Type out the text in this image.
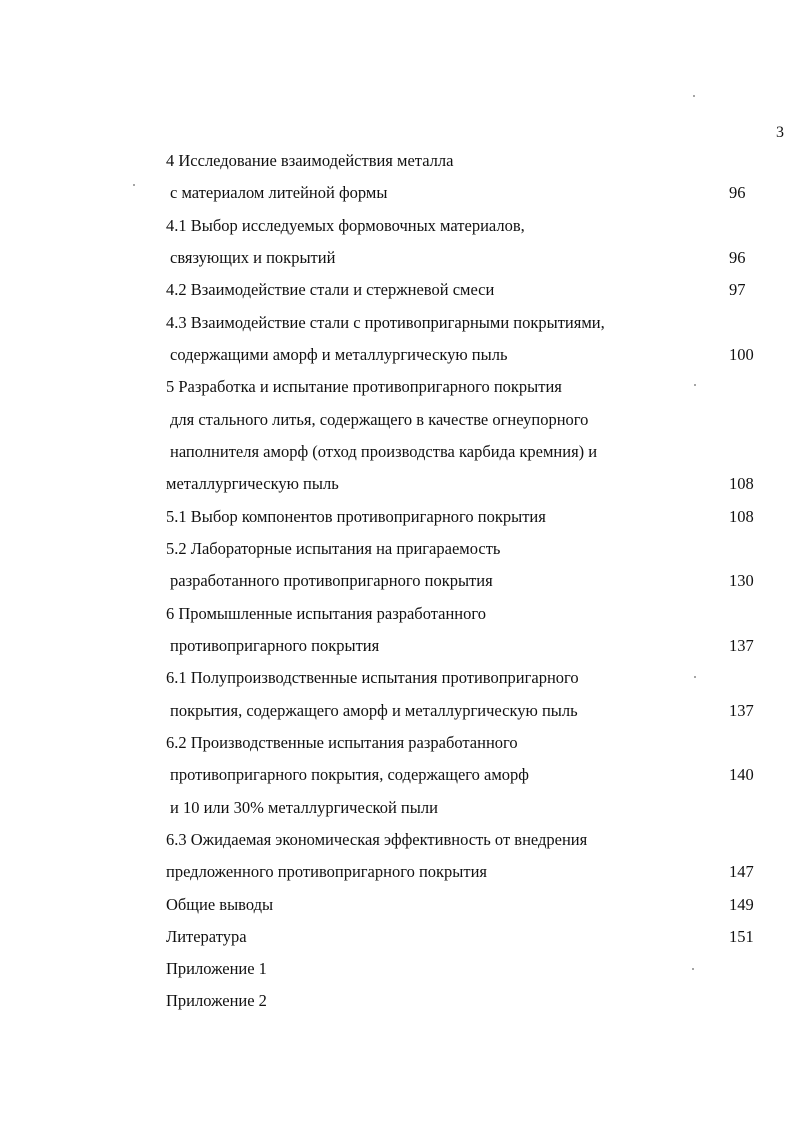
3
4 Исследование взаимодействия металла
с материалом литейной формы	96
4.1 Выбор исследуемых формовочных материалов,
связующих и покрытий	96
4.2 Взаимодействие стали и стержневой смеси	97
4.3 Взаимодействие стали с противопригарными покрытиями,
содержащими аморф и металлургическую пыль	100
5 Разработка и испытание противопригарного покрытия
для стального литья, содержащего в качестве огнеупорного
наполнителя аморф (отход производства карбида кремния) и
металлургическую пыль	108
5.1 Выбор компонентов противопригарного покрытия	108
5.2 Лабораторные испытания на пригараемость
разработанного противопригарного покрытия	130
6 Промышленные испытания разработанного
противопригарного покрытия	137
6.1 Полупроизводственные испытания противопригарного
покрытия, содержащего аморф и металлургическую пыль	137
6.2 Производственные испытания разработанного
противопригарного покрытия, содержащего аморф	140
и 10 или 30% металлургической пыли
6.3 Ожидаемая экономическая эффективность от внедрения
предложенного противопригарного покрытия	147
Общие выводы	149
Литература	151
Приложение 1
Приложение 2
